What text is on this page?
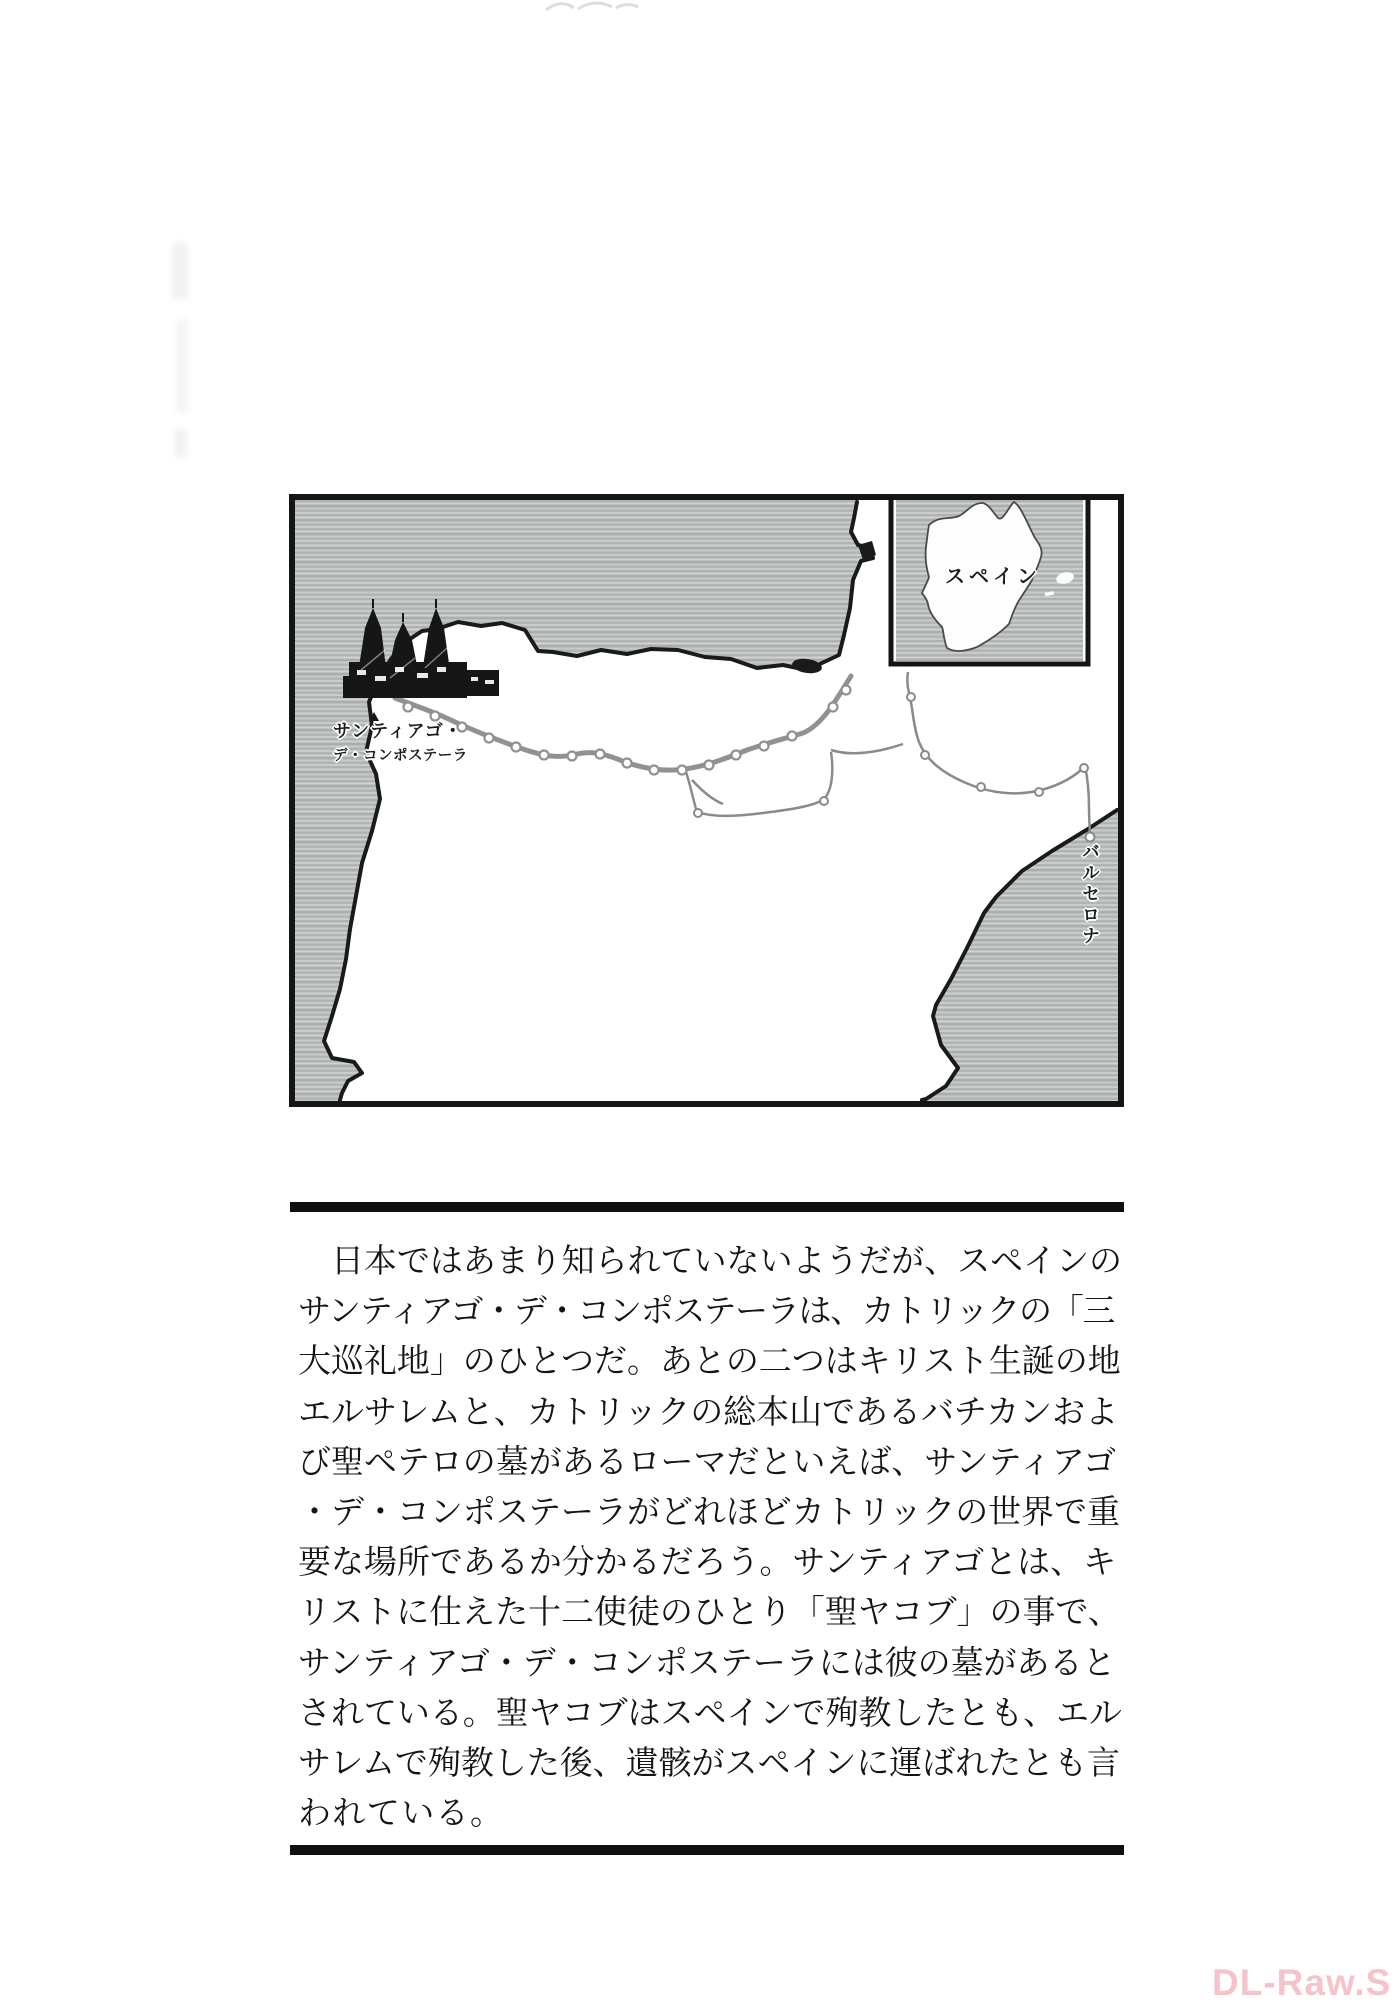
サンティアゴ・
デ・コンポステーラ
バルセロナ
スペイン
　日本ではあまり知られていないようだが、スペインの
サンティアゴ・デ・コンポステーラは、カトリックの「三
大巡礼地」のひとつだ。あとの二つはキリスト生誕の地
エルサレムと、カトリックの総本山であるバチカンおよ
び聖ペテロの墓があるローマだといえば、サンティアゴ
・デ・コンポステーラがどれほどカトリックの世界で重
要な場所であるか分かるだろう。サンティアゴとは、キ
リストに仕えた十二使徒のひとり「聖ヤコブ」の事で、
サンティアゴ・デ・コンポステーラには彼の墓があると
されている。聖ヤコブはスペインで殉教したとも、エル
サレムで殉教した後、遺骸がスペインに運ばれたとも言
われている。
DL-Raw.S
